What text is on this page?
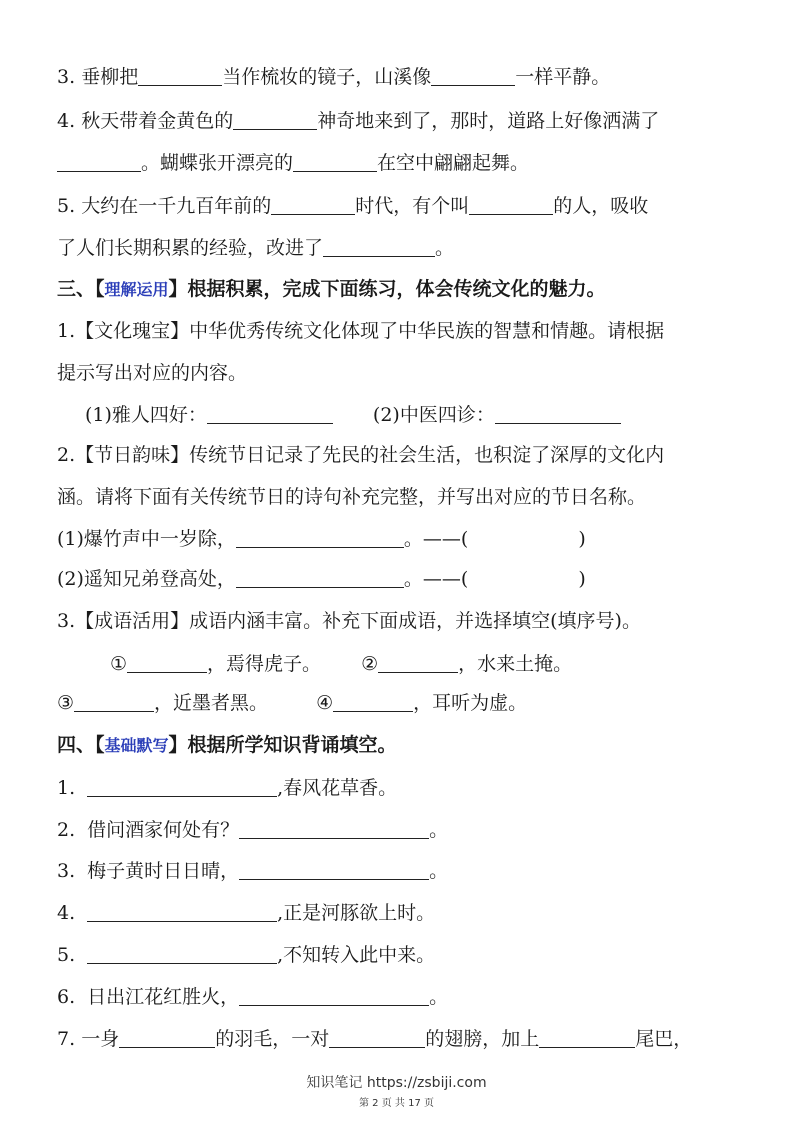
3. 垂柳把	当作梳妆的镜子，山溪像	一样平静。
4. 秋天带着金黄色的	神奇地来到了，那时，道路上好像洒满了
。蝴蝶张开漂亮的	在空中翩翩起舞。
5. 大约在一千九百年前的	时代，有个叫	的人，吸收
了人们长期积累的经验，改进了	。
三、【理解运用】根据积累，完成下面练习，体会传统文化的魅力。
1.【文化瑰宝】中华优秀传统文化体现了中华民族的智慧和情趣。请根据
提示写出对应的内容。
(1)雅人四好：	(2)中医四诊：
2.【节日韵味】传统节日记录了先民的社会生活，也积淀了深厚的文化内
涵。请将下面有关传统节日的诗句补充完整，并写出对应的节日名称。
(1)爆竹声中一岁除，	。——(	)
(2)遥知兄弟登高处，	。——(	)
3.【成语活用】成语内涵丰富。补充下面成语，并选择填空(填序号)。
①	，焉得虎子。 ②	，水来土掩。
③	，近墨者黑。	④	，耳听为虚。
四、【基础默写】根据所学知识背诵填空。
1.	,春风花草香。
2. 借问酒家何处有？	。
3. 梅子黄时日日晴，	。
4.	,正是河豚欲上时。
5.	,不知转入此中来。
6. 日出江花红胜火，	。
7. 一身	的羽毛，一对	的翅膀，加上	尾巴，
知识笔记 https://zsbiji.com
第 2 页 共 17 页
